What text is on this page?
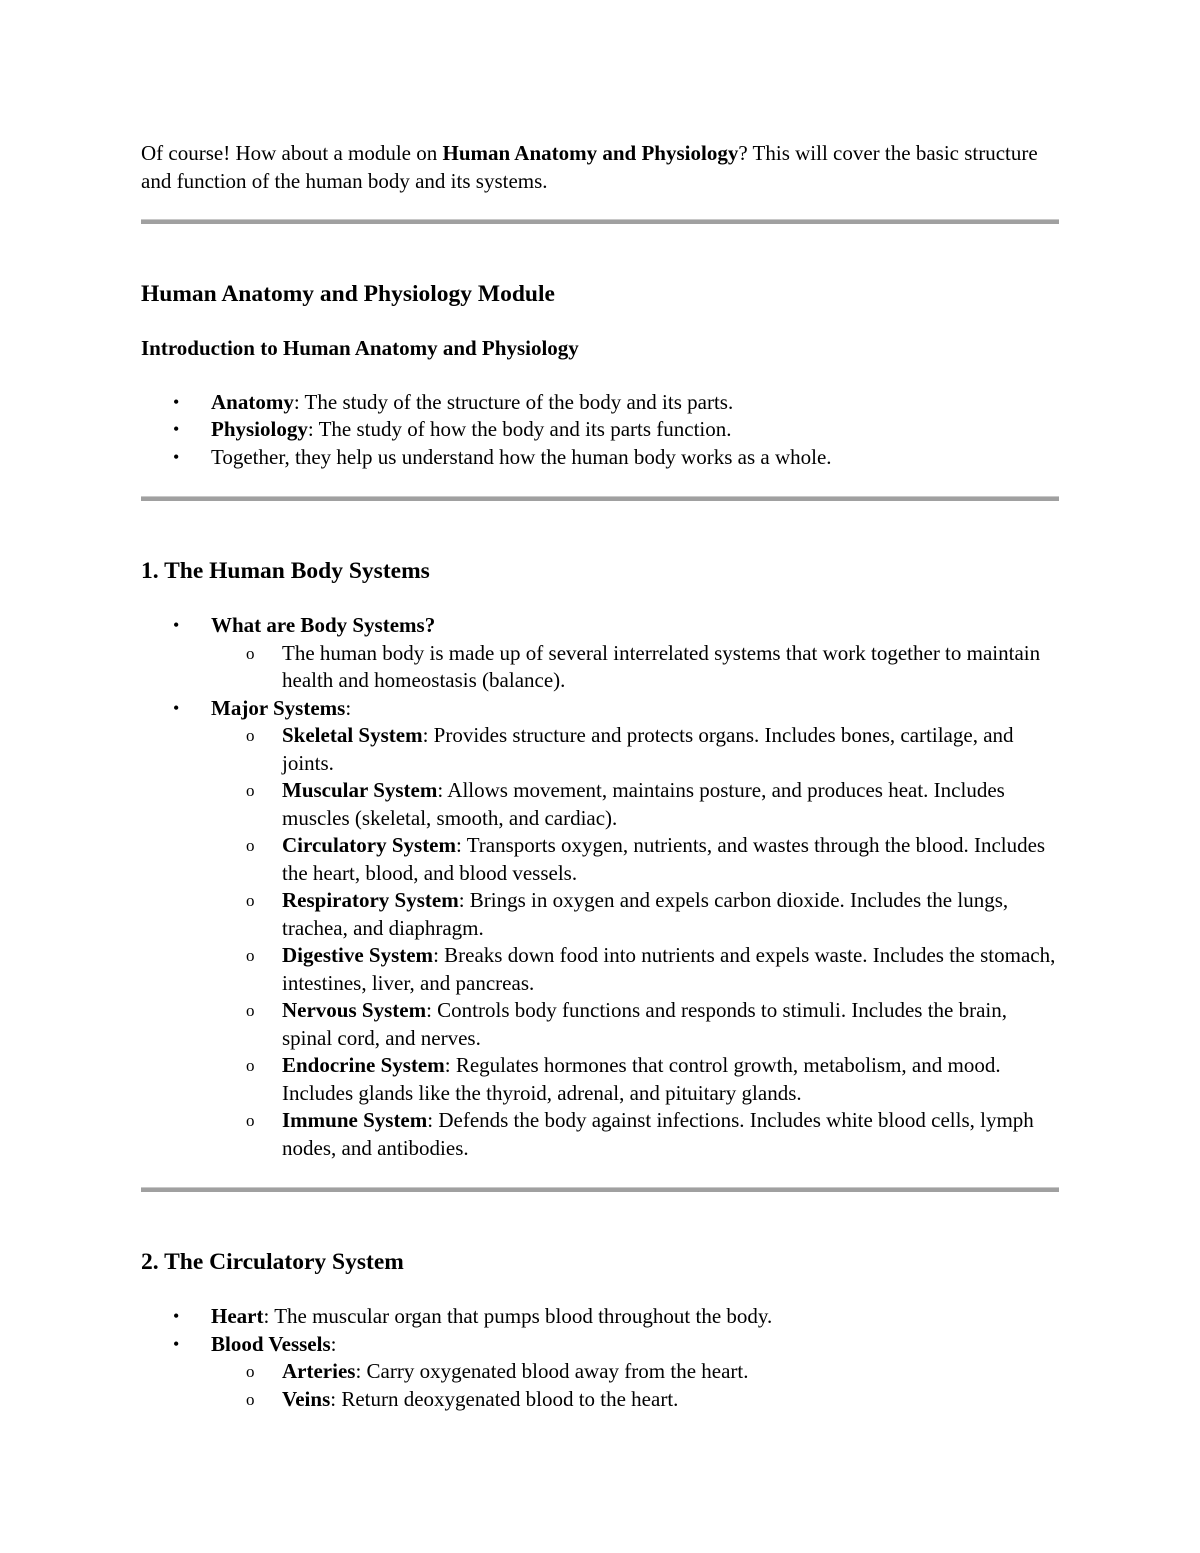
Of course! How about a module on Human Anatomy and Physiology? This will cover the basic structure and function of the human body and its systems.

Human Anatomy and Physiology Module
Introduction to Human Anatomy and Physiology
• Anatomy: The study of the structure of the body and its parts.
• Physiology: The study of how the body and its parts function.
• Together, they help us understand how the human body works as a whole.
1. The Human Body Systems
• What are Body Systems?
o The human body is made up of several interrelated systems that work together to maintain health and homeostasis (balance).
• Major Systems:
o Skeletal System: Provides structure and protects organs. Includes bones, cartilage, and joints.
o Muscular System: Allows movement, maintains posture, and produces heat. Includes muscles (skeletal, smooth, and cardiac).
o Circulatory System: Transports oxygen, nutrients, and wastes through the blood. Includes the heart, blood, and blood vessels.
o Respiratory System: Brings in oxygen and expels carbon dioxide. Includes the lungs, trachea, and diaphragm.
o Digestive System: Breaks down food into nutrients and expels waste. Includes the stomach, intestines, liver, and pancreas.
o Nervous System: Controls body functions and responds to stimuli. Includes the brain, spinal cord, and nerves.
o Endocrine System: Regulates hormones that control growth, metabolism, and mood. Includes glands like the thyroid, adrenal, and pituitary glands.
o Immune System: Defends the body against infections. Includes white blood cells, lymph nodes, and antibodies.
2. The Circulatory System
• Heart: The muscular organ that pumps blood throughout the body.
• Blood Vessels:
o Arteries: Carry oxygenated blood away from the heart.
o Veins: Return deoxygenated blood to the heart.
